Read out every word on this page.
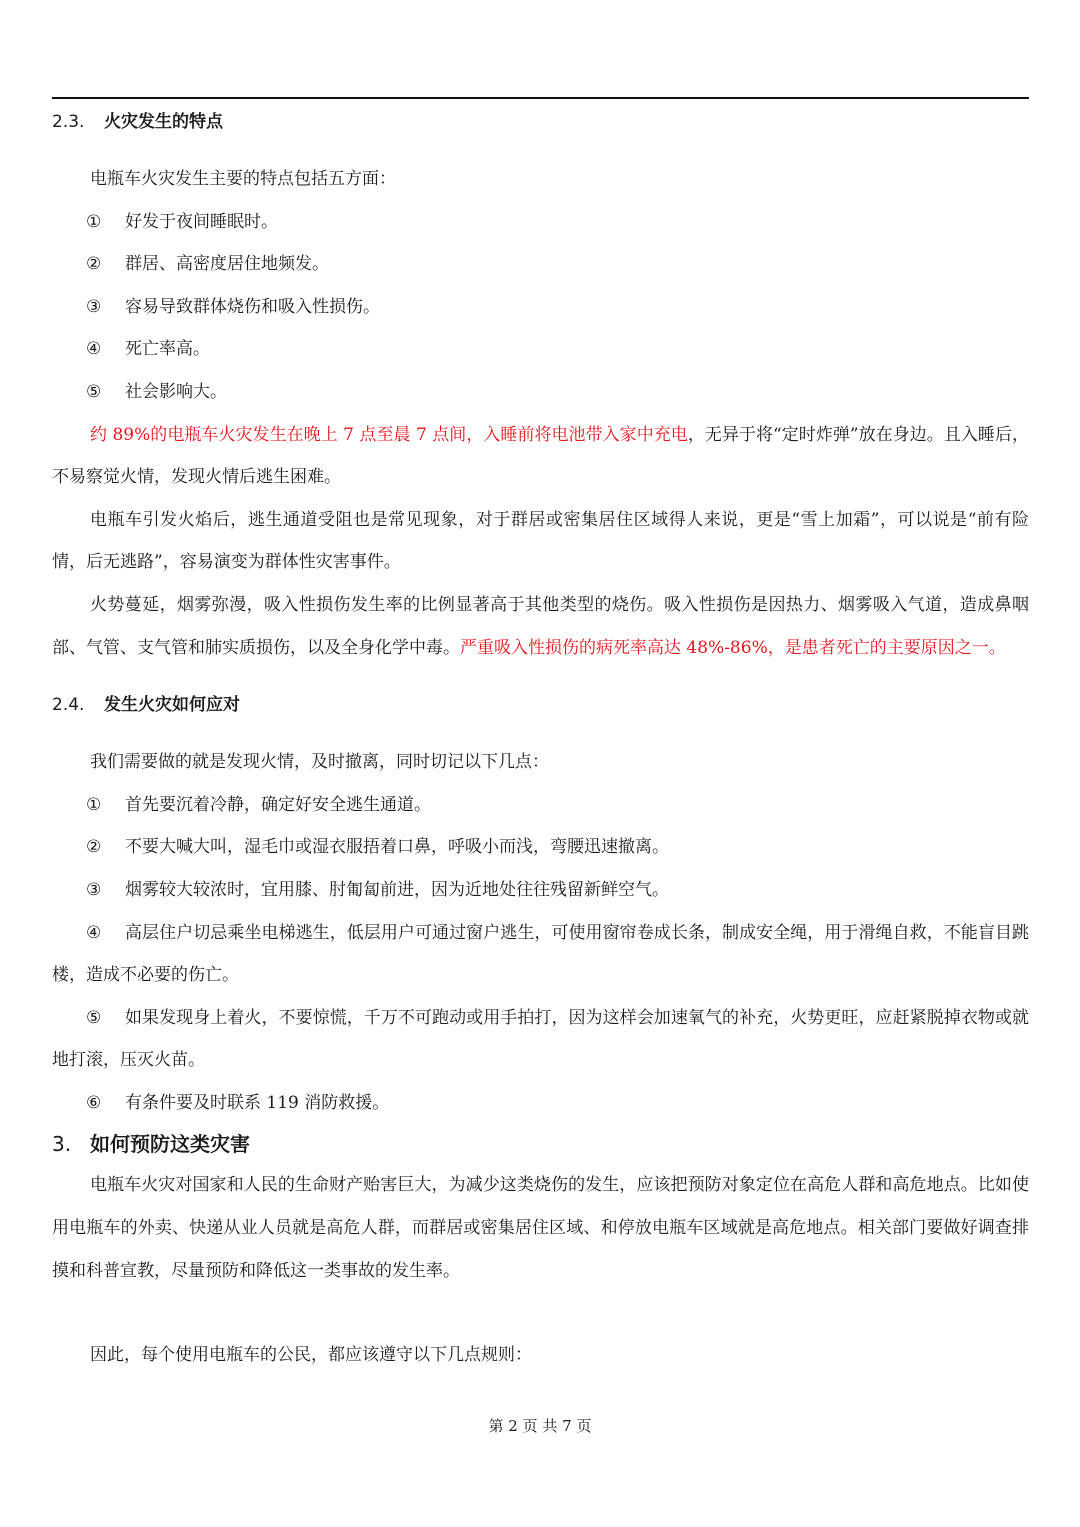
2.3. 火灾发生的特点

电瓶车火灾发生主要的特点包括五方面：

① 好发于夜间睡眠时。

② 群居、高密度居住地频发。

③ 容易导致群体烧伤和吸入性损伤。

④ 死亡率高。

⑤ 社会影响大。

约 89%的电瓶车火灾发生在晚上 7 点至晨 7 点间，入睡前将电池带入家中充电，无异于将“定时炸弹”放在身边。且入睡后，不易察觉火情，发现火情后逃生困难。

电瓶车引发火焰后，逃生通道受阻也是常见现象，对于群居或密集居住区域得人来说，更是“雪上加霜”，可以说是“前有险情，后无逃路”，容易演变为群体性灾害事件。

火势蔓延，烟雾弥漫，吸入性损伤发生率的比例显著高于其他类型的烧伤。吸入性损伤是因热力、烟雾吸入气道，造成鼻咽部、气管、支气管和肺实质损伤，以及全身化学中毒。严重吸入性损伤的病死率高达 48%-86%，是患者死亡的主要原因之一。

2.4. 发生火灾如何应对

我们需要做的就是发现火情，及时撤离，同时切记以下几点：

① 首先要沉着冷静，确定好安全逃生通道。

② 不要大喊大叫，湿毛巾或湿衣服捂着口鼻，呼吸小而浅，弯腰迅速撤离。

③ 烟雾较大较浓时，宜用膝、肘匍匐前进，因为近地处往往残留新鲜空气。

④ 高层住户切忌乘坐电梯逃生，低层用户可通过窗户逃生，可使用窗帘卷成长条，制成安全绳，用于滑绳自救，不能盲目跳楼，造成不必要的伤亡。

⑤ 如果发现身上着火，不要惊慌，千万不可跑动或用手拍打，因为这样会加速氧气的补充，火势更旺，应赶紧脱掉衣物或就地打滚，压灭火苗。

⑥ 有条件要及时联系 119 消防救援。

3. 如何预防这类灾害

电瓶车火灾对国家和人民的生命财产贻害巨大，为减少这类烧伤的发生，应该把预防对象定位在高危人群和高危地点。比如使用电瓶车的外卖、快递从业人员就是高危人群，而群居或密集居住区域、和停放电瓶车区域就是高危地点。相关部门要做好调查排摸和科普宣教，尽量预防和降低这一类事故的发生率。

因此，每个使用电瓶车的公民，都应该遵守以下几点规则：

第 2 页 共 7 页
